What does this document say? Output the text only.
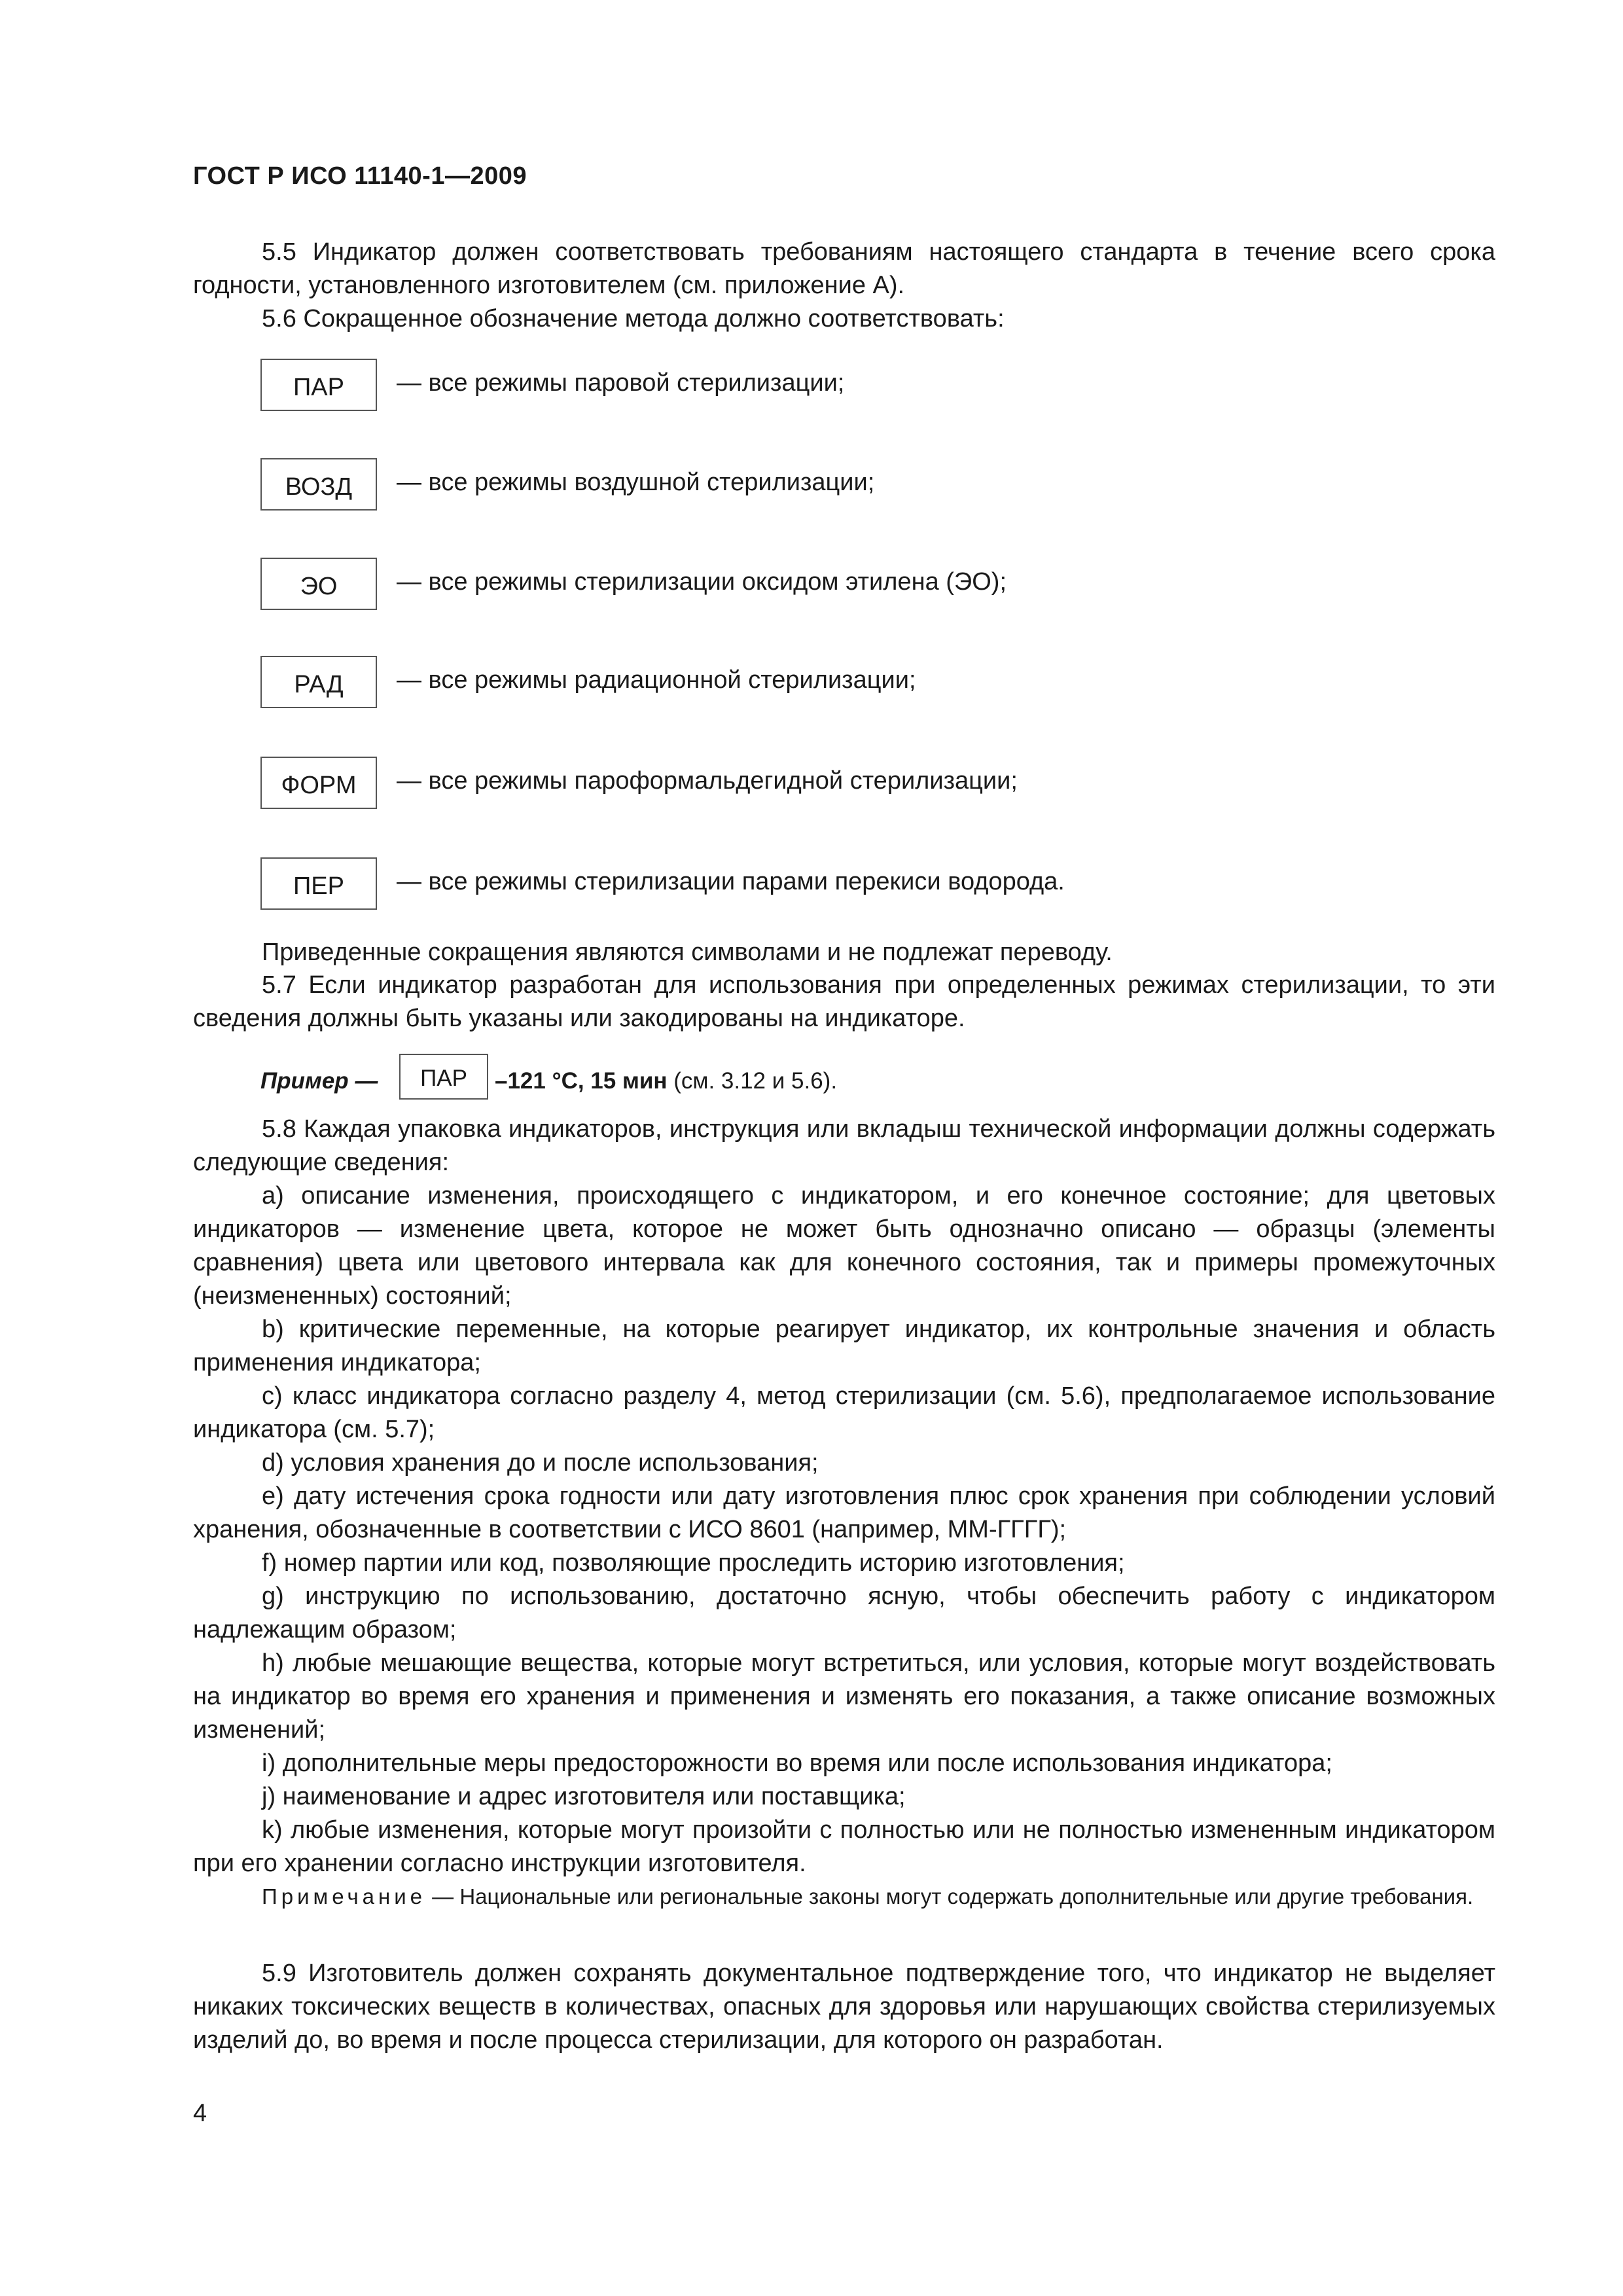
ГОСТ Р ИСО 11140-1—2009
5.5 Индикатор должен соответствовать требованиям настоящего стандарта в течение всего срока годности, установленного изготовителем (см. приложение А).
5.6 Сокращенное обозначение метода должно соответствовать:
ПАР	— все режимы паровой стерилизации;
ВОЗД	— все режимы воздушной стерилизации;
ЭО	— все режимы стерилизации оксидом этилена (ЭО);
РАД	— все режимы радиационной стерилизации;
ФОРМ	— все режимы пароформальдегидной стерилизации;
ПЕР	— все режимы стерилизации парами перекиси водорода.
Приведенные сокращения являются символами и не подлежат переводу.
5.7 Если индикатор разработан для использования при определенных режимах стерилизации, то эти сведения должны быть указаны или закодированы на индикаторе.
Пример —	ПАР	–121 °С, 15 мин (см. 3.12 и 5.6).
5.8 Каждая упаковка индикаторов, инструкция или вкладыш технической информации должны содержать следующие сведения:
а) описание изменения, происходящего с индикатором, и его конечное состояние; для цветовых индикаторов — изменение цвета, которое не может быть однозначно описано — образцы (элементы сравнения) цвета или цветового интервала как для конечного состояния, так и примеры промежуточных (неизмененных) состояний;
b) критические переменные, на которые реагирует индикатор, их контрольные значения и область применения индикатора;
c) класс индикатора согласно разделу 4, метод стерилизации (см. 5.6), предполагаемое использование индикатора (см. 5.7);
d) условия хранения до и после использования;
e) дату истечения срока годности или дату изготовления плюс срок хранения при соблюдении условий хранения, обозначенные в соответствии с ИСО 8601 (например, ММ-ГГГГ);
f) номер партии или код, позволяющие проследить историю изготовления;
g) инструкцию по использованию, достаточно ясную, чтобы обеспечить работу с индикатором надлежащим образом;
h) любые мешающие вещества, которые могут встретиться, или условия, которые могут воздействовать на индикатор во время его хранения и применения и изменять его показания, а также описание возможных изменений;
i) дополнительные меры предосторожности во время или после использования индикатора;
j) наименование и адрес изготовителя или поставщика;
k) любые изменения, которые могут произойти с полностью или не полностью измененным индикатором при его хранении согласно инструкции изготовителя.
Примечание — Национальные или региональные законы могут содержать дополнительные или другие требования.
5.9 Изготовитель должен сохранять документальное подтверждение того, что индикатор не выделяет никаких токсических веществ в количествах, опасных для здоровья или нарушающих свойства стерилизуемых изделий до, во время и после процесса стерилизации, для которого он разработан.
4
